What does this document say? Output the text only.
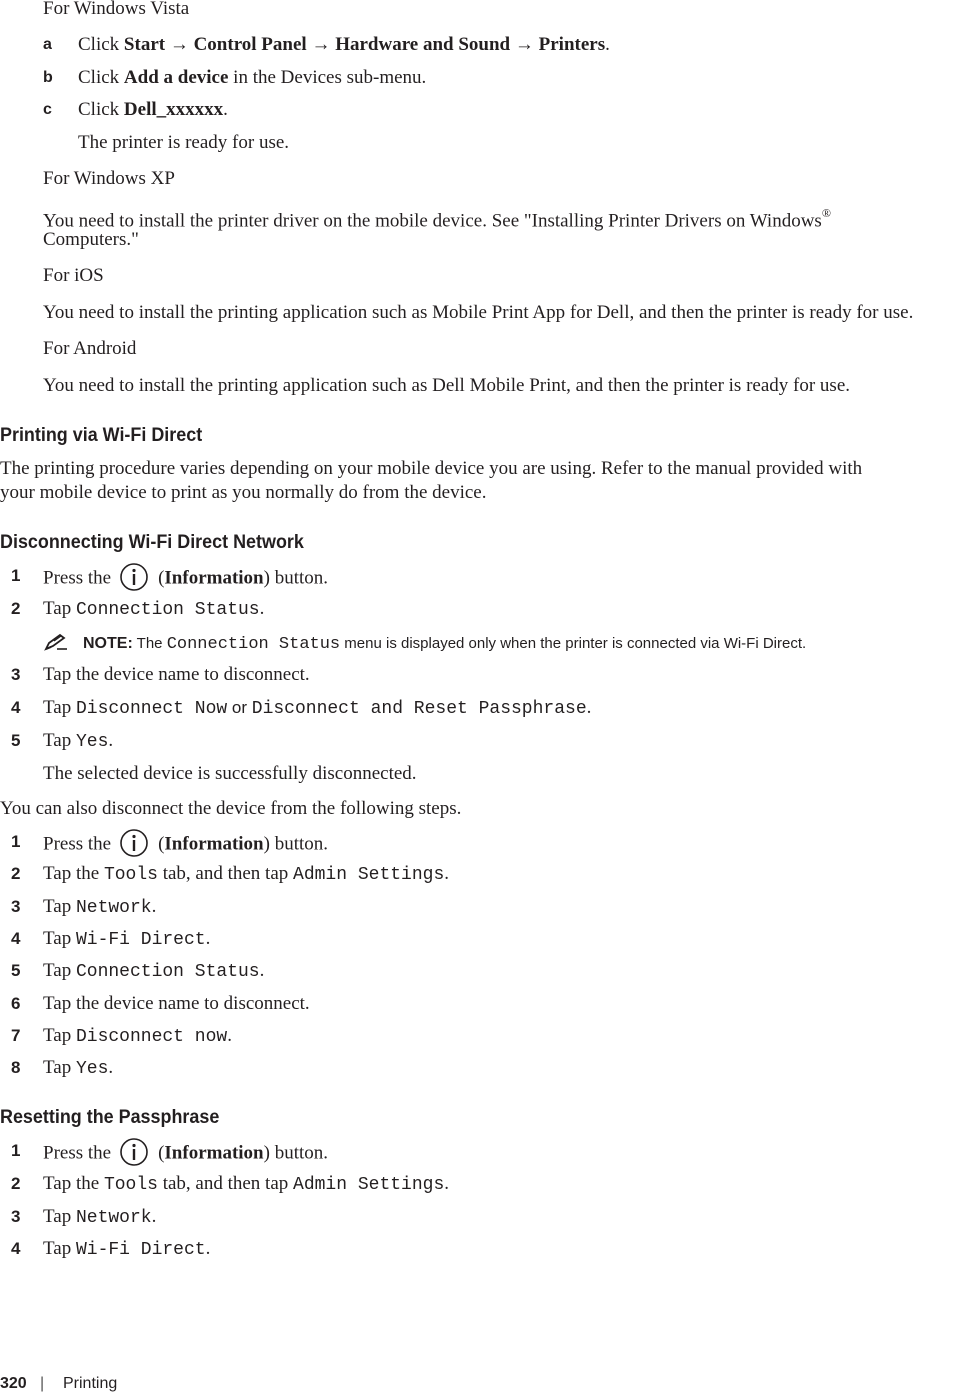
For Windows Vista
a Click Start → Control Panel → Hardware and Sound → Printers.
b Click Add a device in the Devices sub-menu.
c Click Dell_xxxxxx.
The printer is ready for use.
For Windows XP
You need to install the printer driver on the mobile device. See "Installing Printer Drivers on Windows®
Computers."
For iOS
You need to install the printing application such as Mobile Print App for Dell, and then the printer is ready for use.
For Android
You need to install the printing application such as Dell Mobile Print, and then the printer is ready for use.
Printing via Wi-Fi Direct
The printing procedure varies depending on your mobile device you are using. Refer to the manual provided with
your mobile device to print as you normally do from the device.
Disconnecting Wi-Fi Direct Network
1 Press the (Information) button.
2 Tap Connection Status.
NOTE: The Connection Status menu is displayed only when the printer is connected via Wi-Fi Direct.
3 Tap the device name to disconnect.
4 Tap Disconnect Now or Disconnect and Reset Passphrase.
5 Tap Yes.
The selected device is successfully disconnected.
You can also disconnect the device from the following steps.
1 Press the (Information) button.
2 Tap the Tools tab, and then tap Admin Settings.
3 Tap Network.
4 Tap Wi-Fi Direct.
5 Tap Connection Status.
6 Tap the device name to disconnect.
7 Tap Disconnect now.
8 Tap Yes.
Resetting the Passphrase
1 Press the (Information) button.
2 Tap the Tools tab, and then tap Admin Settings.
3 Tap Network.
4 Tap Wi-Fi Direct.
320 | Printing
